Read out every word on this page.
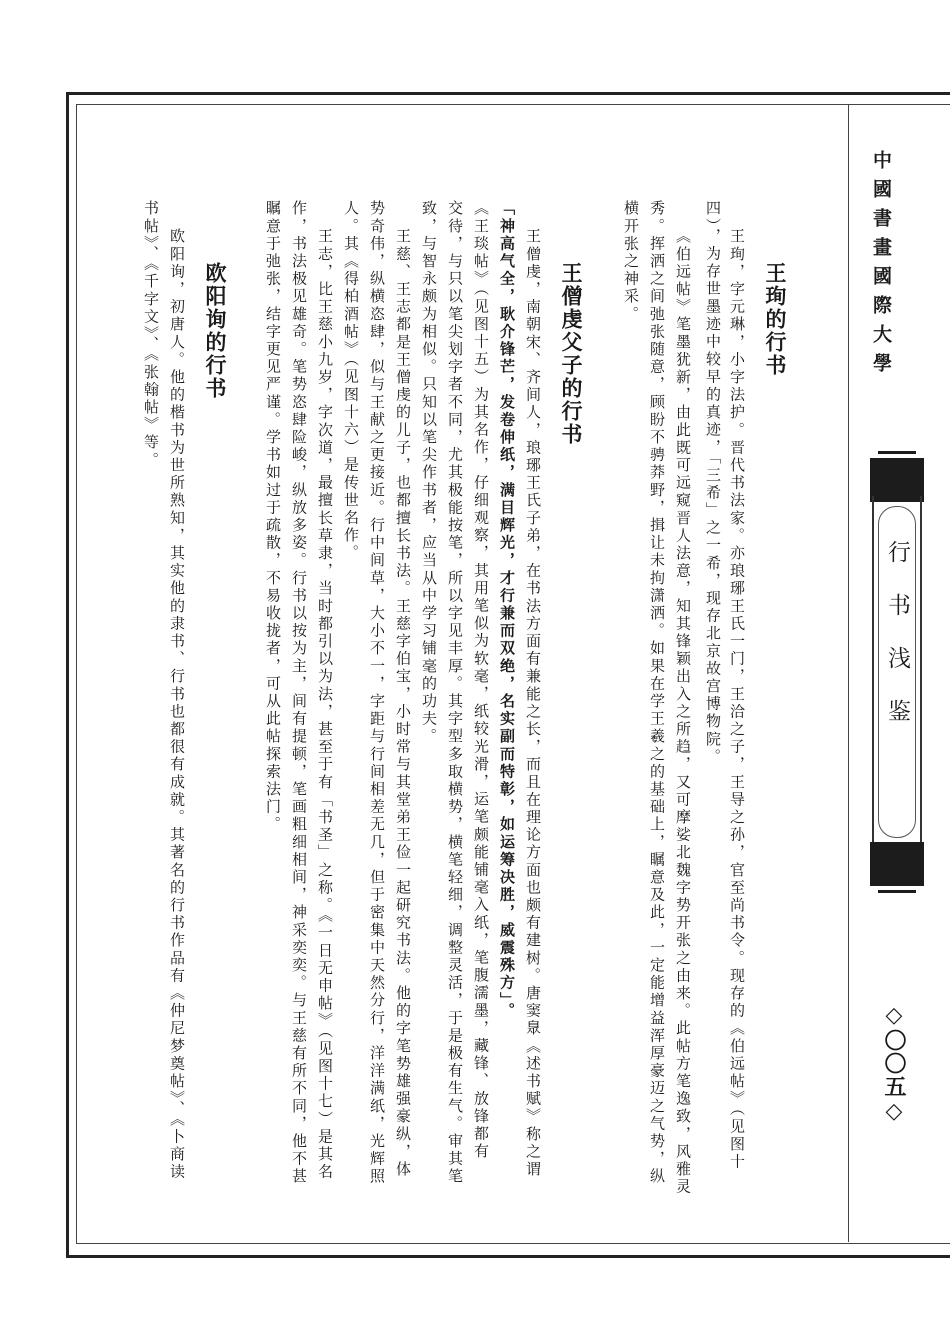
中國書畫國際大學
行书浅鉴
◇〇〇五◇
王珣的行书
王珣，字元琳，小字法护。晋代书法家。亦琅琊王氏一门，王洽之子，王导之孙，官至尚书令。现存的《伯远帖》（见图十
四），为存世墨迹中较早的真迹，「三希」之一希，现存北京故宫博物院。
《伯远帖》笔墨犹新，由此既可远窥晋人法意，知其锋颖出入之所趋，又可摩娑北魏字势开张之由来。此帖方笔逸致，风雅灵
秀。挥洒之间弛张随意，顾盼不骋莽野，揖让未拘潇洒。如果在学王羲之的基础上，瞩意及此，一定能增益浑厚豪迈之气势，纵
横开张之神采。
王僧虔父子的行书
王僧虔，南朝宋、齐间人，琅琊王氏子弟，在书法方面有兼能之长，而且在理论方面也颇有建树。唐窦臮《述书赋》称之谓
「神高气全，耿介锋芒，发卷伸纸，满目辉光，才行兼而双绝，名实副而特彰，如运筹决胜，威震殊方」。
《王琰帖》（见图十五）为其名作，仔细观察，其用笔似为软毫，纸较光滑，运笔颇能铺毫入纸，笔腹濡墨，藏锋、放锋都有
交待，与只以笔尖划字者不同，尤其极能按笔，所以字见丰厚。其字型多取横势，横笔轻细，调整灵活，于是极有生气。审其笔
致，与智永颇为相似。只知以笔尖作书者，应当从中学习铺毫的功夫。
王慈、王志都是王僧虔的儿子，也都擅长书法。王慈字伯宝，小时常与其堂弟王俭一起研究书法。他的字笔势雄强豪纵，体
势奇伟，纵横恣肆，似与王献之更接近。行中间草，大小不一，字距与行间相差无几，但于密集中天然分行，洋洋满纸，光辉照
人。其《得柏酒帖》（见图十六）是传世名作。
王志，比王慈小九岁，字次道，最擅长草隶，当时都引以为法，甚至于有「书圣」之称。《一日无申帖》（见图十七）是其名
作，书法极见雄奇。笔势恣肆险峻，纵放多姿。行书以按为主，间有提顿，笔画粗细相间，神采奕奕。与王慈有所不同，他不甚
瞩意于弛张，结字更见严谨。学书如过于疏散，不易收拢者，可从此帖探索法门。
欧阳询的行书
欧阳询，初唐人。他的楷书为世所熟知，其实他的隶书、行书也都很有成就。其著名的行书作品有《仲尼梦奠帖》、《卜商读
书帖》、《千字文》、《张翰帖》等。
